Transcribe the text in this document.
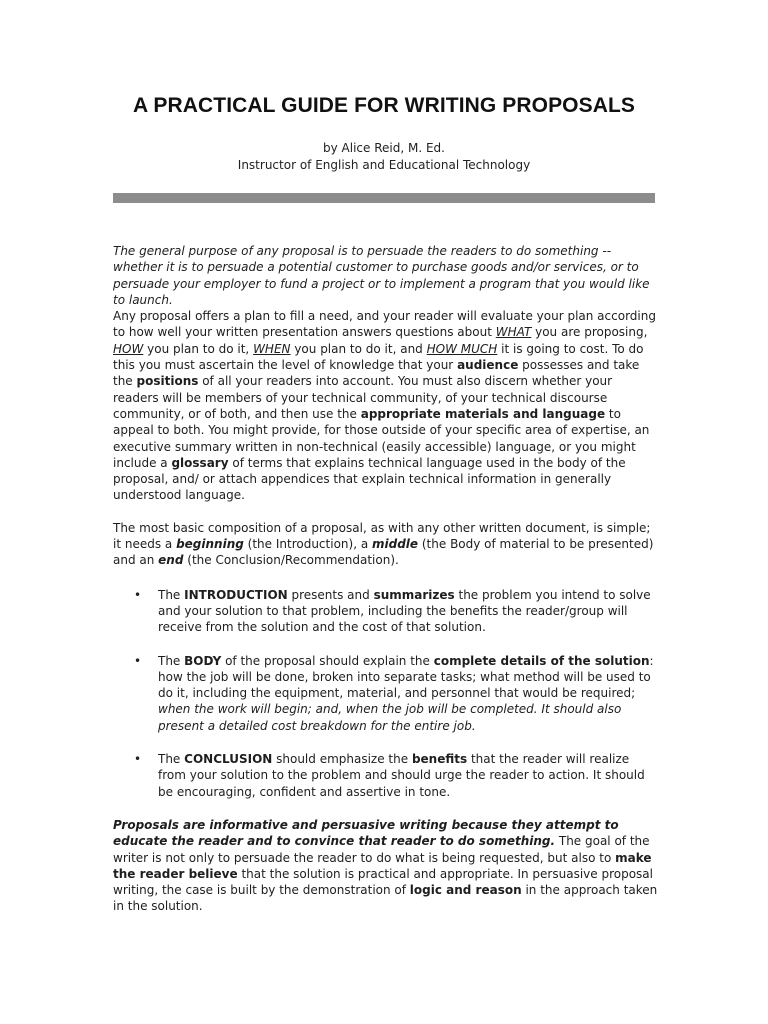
A PRACTICAL GUIDE FOR WRITING PROPOSALS
by Alice Reid, M. Ed.
Instructor of English and Educational Technology

The general purpose of any proposal is to persuade the readers to do something -- whether it is to persuade a potential customer to purchase goods and/or services, or to persuade your employer to fund a project or to implement a program that you would like to launch.

Any proposal offers a plan to fill a need, and your reader will evaluate your plan according to how well your written presentation answers questions about WHAT you are proposing, HOW you plan to do it, WHEN you plan to do it, and HOW MUCH it is going to cost. To do this you must ascertain the level of knowledge that your audience possesses and take the positions of all your readers into account. You must also discern whether your readers will be members of your technical community, of your technical discourse community, or of both, and then use the appropriate materials and language to appeal to both. You might provide, for those outside of your specific area of expertise, an executive summary written in non-technical (easily accessible) language, or you might include a glossary of terms that explains technical language used in the body of the proposal, and/ or attach appendices that explain technical information in generally understood language.

The most basic composition of a proposal, as with any other written document, is simple; it needs a beginning (the Introduction), a middle (the Body of material to be presented) and an end (the Conclusion/Recommendation).

• The INTRODUCTION presents and summarizes the problem you intend to solve and your solution to that problem, including the benefits the reader/group will receive from the solution and the cost of that solution.
• The BODY of the proposal should explain the complete details of the solution: how the job will be done, broken into separate tasks; what method will be used to do it, including the equipment, material, and personnel that would be required; when the work will begin; and, when the job will be completed. It should also present a detailed cost breakdown for the entire job.
• The CONCLUSION should emphasize the benefits that the reader will realize from your solution to the problem and should urge the reader to action. It should be encouraging, confident and assertive in tone.

Proposals are informative and persuasive writing because they attempt to educate the reader and to convince that reader to do something. The goal of the writer is not only to persuade the reader to do what is being requested, but also to make the reader believe that the solution is practical and appropriate. In persuasive proposal writing, the case is built by the demonstration of logic and reason in the approach taken in the solution.
